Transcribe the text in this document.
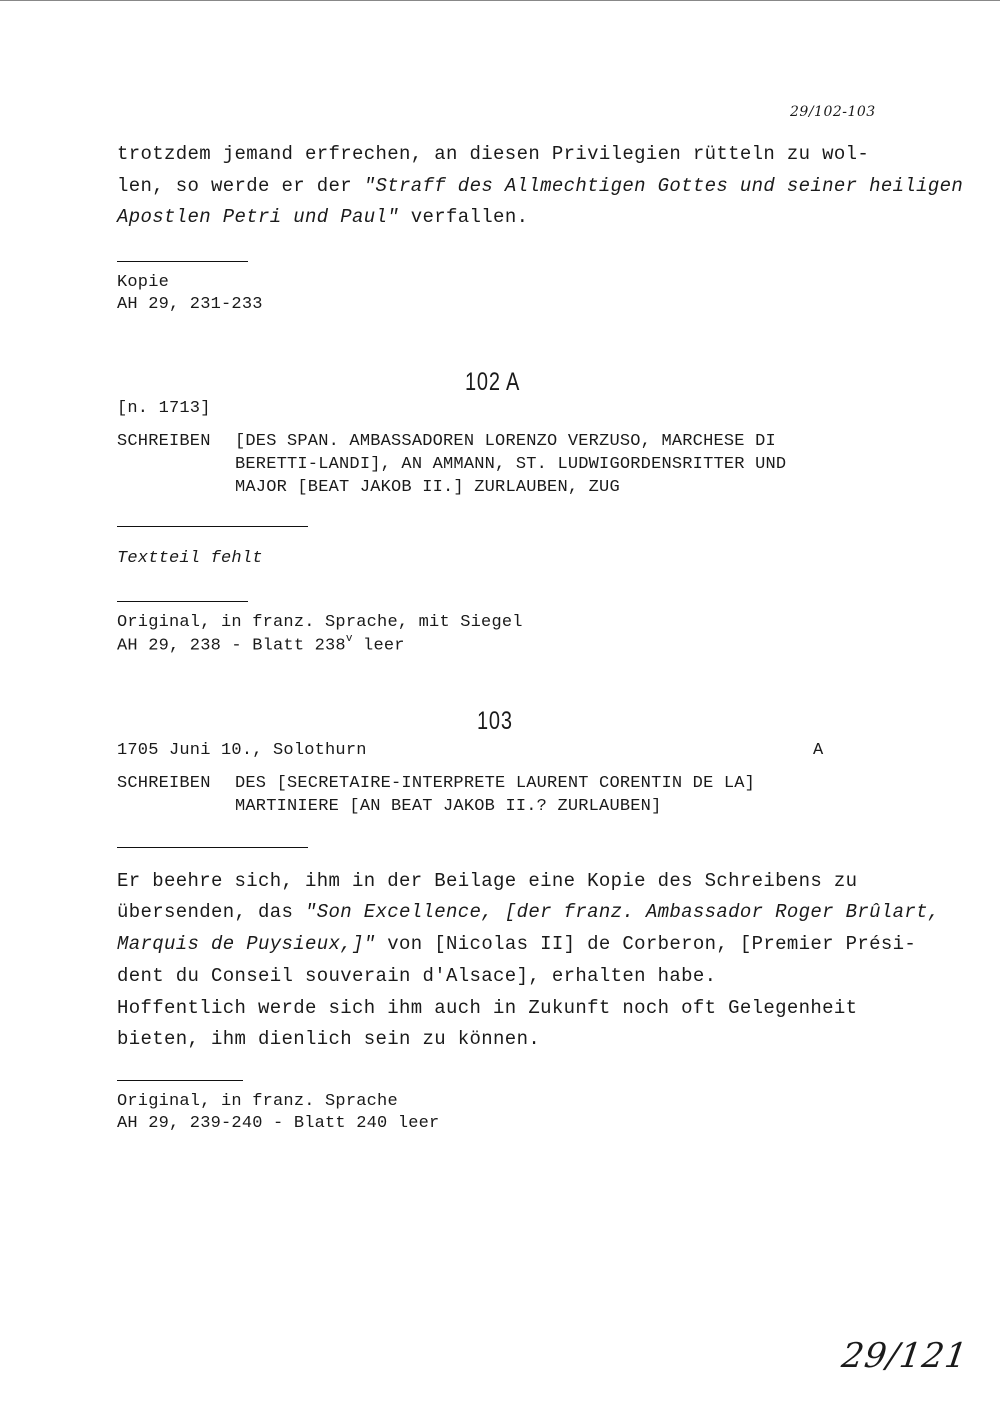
29/102-103
trotzdem jemand erfrechen, an diesen Privilegien rütteln zu wol-
len, so werde er der "Straff des Allmechtigen Gottes und seiner heiligen
Apostlen Petri und Paul" verfallen.
Kopie
AH 29, 231-233
102 A
[n. 1713]
SCHREIBEN [DES SPAN. AMBASSADOREN LORENZO VERZUSO, MARCHESE DI
BERETTI-LANDI], AN AMMANN, ST. LUDWIGORDENSRITTER UND
MAJOR [BEAT JAKOB II.] ZURLAUBEN, ZUG
Textteil fehlt
Original, in franz. Sprache, mit Siegel
AH 29, 238 - Blatt 238$^v$ leer
103
1705 Juni 10., Solothurn	A
SCHREIBEN DES [SECRETAIRE-INTERPRETE LAURENT CORENTIN DE LA]
MARTINIERE [AN BEAT JAKOB II.? ZURLAUBEN]
Er beehre sich, ihm in der Beilage eine Kopie des Schreibens zu
übersenden, das "Son Excellence, [der franz. Ambassador Roger Brûlart,
Marquis de Puysieux,]" von [Nicolas II] de Corberon, [Premier Prési-
dent du Conseil souverain d'Alsace], erhalten habe.
Hoffentlich werde sich ihm auch in Zukunft noch oft Gelegenheit
bieten, ihm dienlich sein zu können.
Original, in franz. Sprache
AH 29, 239-240 - Blatt 240 leer
29/121
